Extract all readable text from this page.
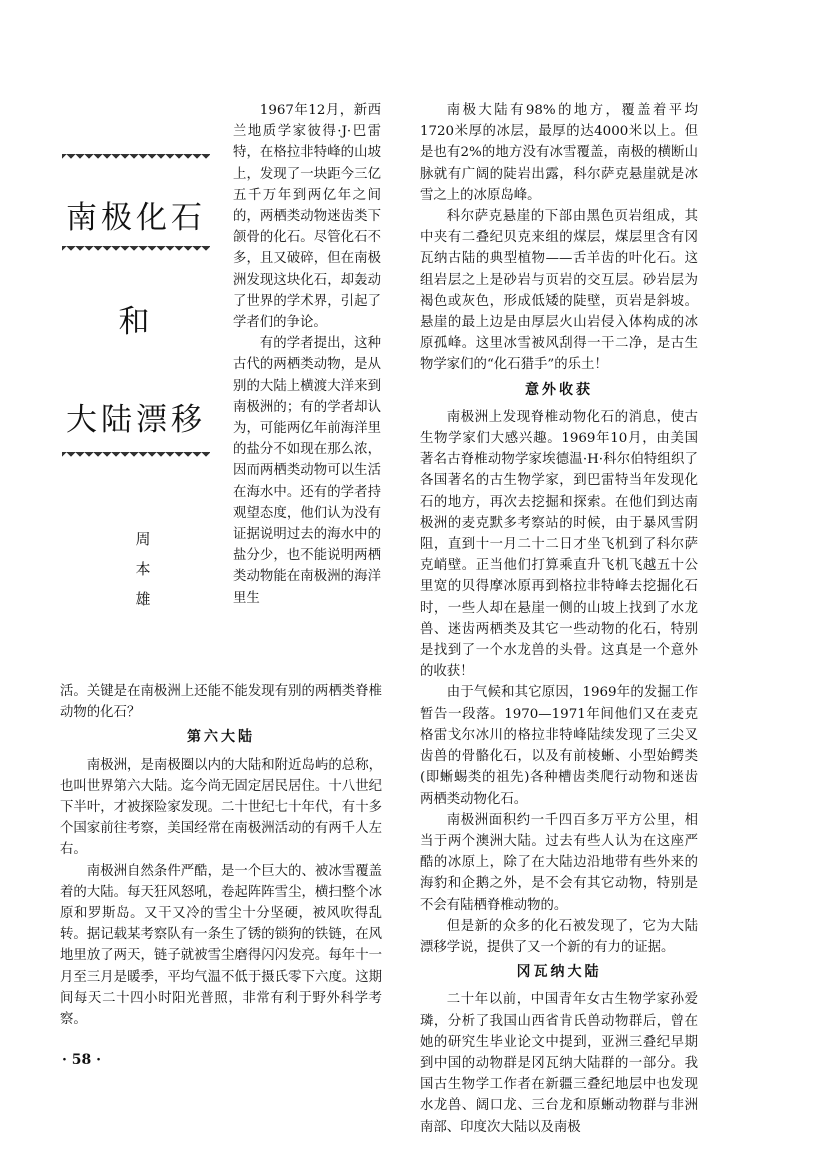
南极化石
和
大陆漂移
周
本
雄

1967年12月，新西兰地质学家彼得·J·巴雷特，在格拉非特峰的山坡上，发现了一块距今三亿五千万年到两亿年之间的，两栖类动物迷齿类下颌骨的化石。尽管化石不多，且又破碎，但在南极洲发现这块化石，却轰动了世界的学术界，引起了学者们的争论。

有的学者提出，这种古代的两栖类动物，是从别的大陆上横渡大洋来到南极洲的；有的学者却认为，可能两亿年前海洋里的盐分不如现在那么浓，因而两栖类动物可以生活在海水中。还有的学者持观望态度，他们认为没有证据说明过去的海水中的盐分少，也不能说明两栖类动物能在南极洲的海洋里生

活。关键是在南极洲上还能不能发现有别的两栖类脊椎动物的化石？

第六大陆

南极洲，是南极圈以内的大陆和附近岛屿的总称，也叫世界第六大陆。迄今尚无固定居民居住。十八世纪下半叶，才被探险家发现。二十世纪七十年代，有十多个国家前往考察，美国经常在南极洲活动的有两千人左右。

南极洲自然条件严酷，是一个巨大的、被冰雪覆盖着的大陆。每天狂风怒吼，卷起阵阵雪尘，横扫整个冰原和罗斯岛。又干又冷的雪尘十分坚硬，被风吹得乱转。据记载某考察队有一条生了锈的锁狗的铁链，在风地里放了两天，链子就被雪尘磨得闪闪发亮。每年十一月至三月是暖季，平均气温不低于摄氏零下六度。这期间每天二十四小时阳光普照，非常有利于野外科学考察。

南极大陆有98%的地方，覆盖着平均1720米厚的冰层，最厚的达4000米以上。但是也有2%的地方没有冰雪覆盖，南极的横断山脉就有广阔的陡岩出露，科尔萨克悬崖就是冰雪之上的冰原岛峰。

科尔萨克悬崖的下部由黑色页岩组成，其中夹有二叠纪贝克来组的煤层，煤层里含有冈瓦纳古陆的典型植物——舌羊齿的叶化石。这组岩层之上是砂岩与页岩的交互层。砂岩层为褐色或灰色，形成低矮的陡壁，页岩是斜坡。悬崖的最上边是由厚层火山岩侵入体构成的冰原孤峰。这里冰雪被风刮得一干二净，是古生物学家们的“化石猎手”的乐土！

意外收获

南极洲上发现脊椎动物化石的消息，使古生物学家们大感兴趣。1969年10月，由美国著名古脊椎动物学家埃德温·H·科尔伯特组织了各国著名的古生物学家，到巴雷特当年发现化石的地方，再次去挖掘和探索。在他们到达南极洲的麦克默多考察站的时候，由于暴风雪阴阻，直到十一月二十二日才坐飞机到了科尔萨克峭壁。正当他们打算乘直升飞机飞越五十公里宽的贝得摩冰原再到格拉非特峰去挖掘化石时，一些人却在悬崖一侧的山坡上找到了水龙兽、迷齿两栖类及其它一些动物的化石，特别是找到了一个水龙兽的头骨。这真是一个意外的收获！

由于气候和其它原因，1969年的发掘工作暂告一段落。1970—1971年间他们又在麦克格雷戈尔冰川的格拉非特峰陆续发现了三尖叉齿兽的骨骼化石，以及有前棱蜥、小型始鳄类(即蜥蜴类的祖先)各种槽齿类爬行动物和迷齿两栖类动物化石。

南极洲面积约一千四百多万平方公里，相当于两个澳洲大陆。过去有些人认为在这座严酷的冰原上，除了在大陆边沿地带有些外来的海豹和企鹅之外，是不会有其它动物，特别是不会有陆栖脊椎动物的。

但是新的众多的化石被发现了，它为大陆漂移学说，提供了又一个新的有力的证据。

冈瓦纳大陆

二十年以前，中国青年女古生物学家孙爱璘，分析了我国山西省肯氏兽动物群后，曾在她的研究生毕业论文中提到，亚洲三叠纪早期到中国的动物群是冈瓦纳大陆群的一部分。我国古生物学工作者在新疆三叠纪地层中也发现水龙兽、阔口龙、三台龙和原蜥动物群与非洲南部、印度次大陆以及南极

· 58 ·
